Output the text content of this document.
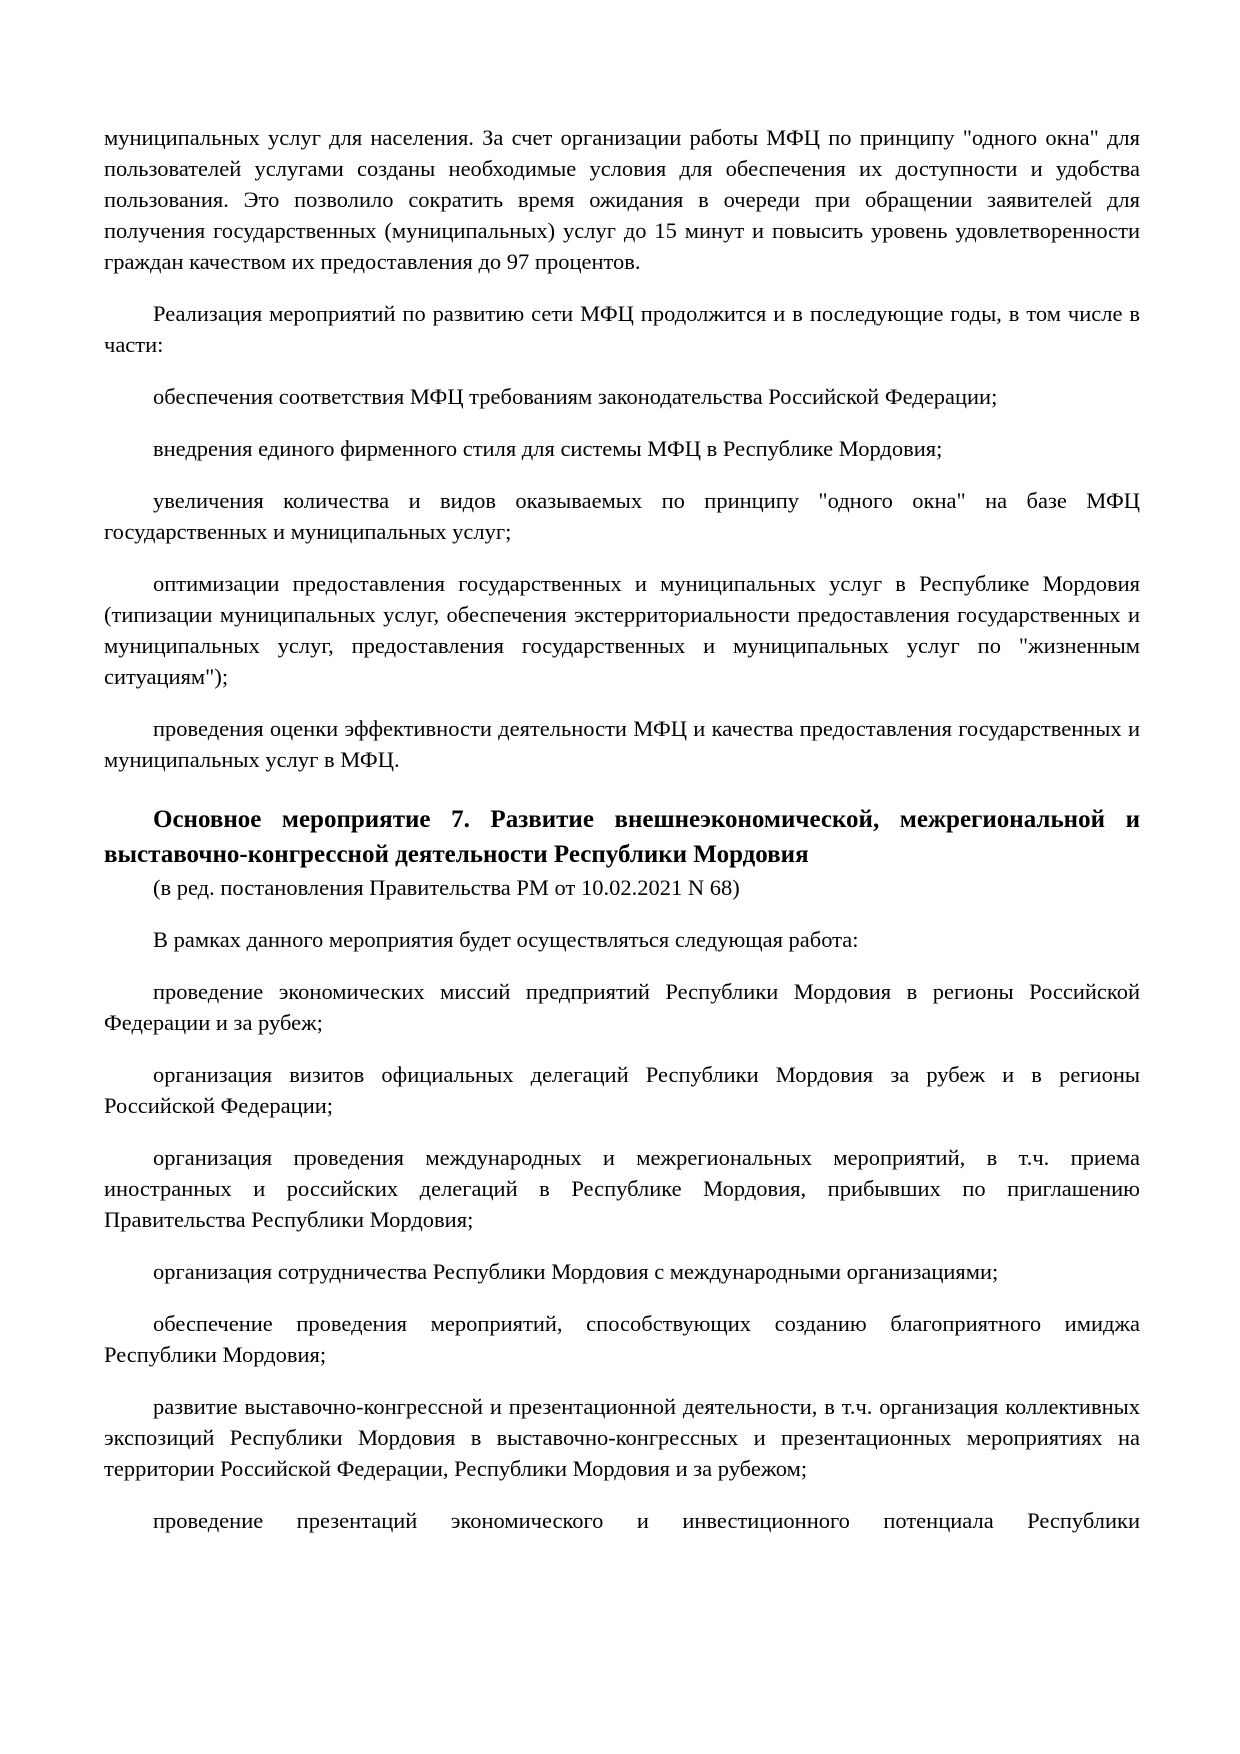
муниципальных услуг для населения. За счет организации работы МФЦ по принципу "одного окна" для пользователей услугами созданы необходимые условия для обеспечения их доступности и удобства пользования. Это позволило сократить время ожидания в очереди при обращении заявителей для получения государственных (муниципальных) услуг до 15 минут и повысить уровень удовлетворенности граждан качеством их предоставления до 97 процентов.

Реализация мероприятий по развитию сети МФЦ продолжится и в последующие годы, в том числе в части:

обеспечения соответствия МФЦ требованиям законодательства Российской Федерации;

внедрения единого фирменного стиля для системы МФЦ в Республике Мордовия;

увеличения количества и видов оказываемых по принципу "одного окна" на базе МФЦ государственных и муниципальных услуг;

оптимизации предоставления государственных и муниципальных услуг в Республике Мордовия (типизации муниципальных услуг, обеспечения экстерриториальности предоставления государственных и муниципальных услуг, предоставления государственных и муниципальных услуг по "жизненным ситуациям");

проведения оценки эффективности деятельности МФЦ и качества предоставления государственных и муниципальных услуг в МФЦ.

Основное мероприятие 7. Развитие внешнеэкономической, межрегиональной и выставочно-конгрессной деятельности Республики Мордовия

(в ред. постановления Правительства РМ от 10.02.2021 N 68)

В рамках данного мероприятия будет осуществляться следующая работа:

проведение экономических миссий предприятий Республики Мордовия в регионы Российской Федерации и за рубеж;

организация визитов официальных делегаций Республики Мордовия за рубеж и в регионы Российской Федерации;

организация проведения международных и межрегиональных мероприятий, в т.ч. приема иностранных и российских делегаций в Республике Мордовия, прибывших по приглашению Правительства Республики Мордовия;

организация сотрудничества Республики Мордовия с международными организациями;

обеспечение проведения мероприятий, способствующих созданию благоприятного имиджа Республики Мордовия;

развитие выставочно-конгрессной и презентационной деятельности, в т.ч. организация коллективных экспозиций Республики Мордовия в выставочно-конгрессных и презентационных мероприятиях на территории Российской Федерации, Республики Мордовия и за рубежом;

проведение презентаций экономического и инвестиционного потенциала Республики
